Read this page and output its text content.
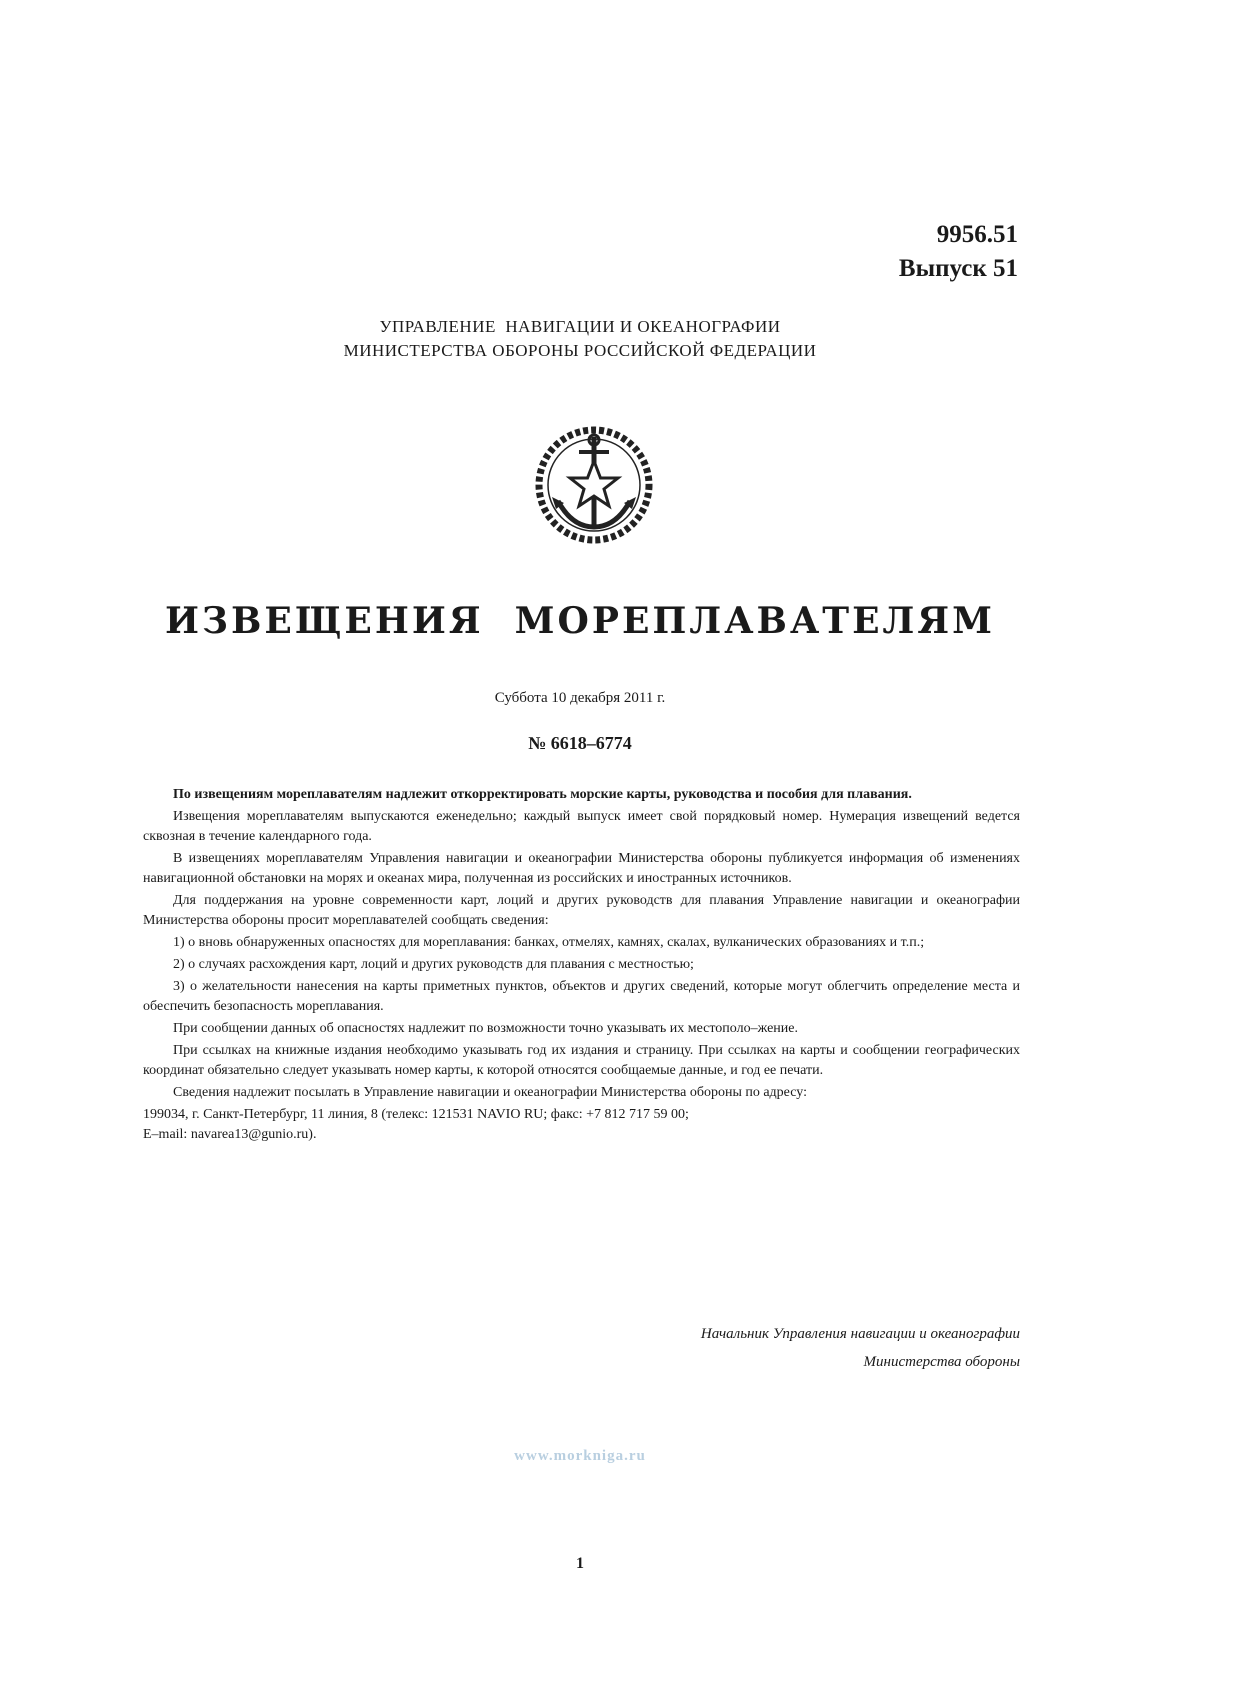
9956.51
Выпуск 51
УПРАВЛЕНИЕ  НАВИГАЦИИ И ОКЕАНОГРАФИИ
МИНИСТЕРСТВА ОБОРОНЫ РОССИЙСКОЙ ФЕДЕРАЦИИ
ИЗВЕЩЕНИЯ  МОРЕПЛАВАТЕЛЯМ
Суббота 10 декабря 2011 г.
№ 6618–6774

По извещениям мореплавателям надлежит откорректировать морские карты, руководства и пособия для плавания.

Извещения мореплавателям выпускаются еженедельно; каждый выпуск имеет свой порядковый номер. Нумерация извещений ведется сквозная в течение календарного года.

В извещениях мореплавателям Управления навигации и океанографии Министерства обороны публикуется информация об изменениях навигационной обстановки на морях и океанах мира, полученная из российских и иностранных источников.

Для поддержания на уровне современности карт, лоций и других руководств для плавания Управление навигации и океанографии Министерства обороны просит мореплавателей сообщать сведения:

1) о вновь обнаруженных опасностях для мореплавания: банках, отмелях, камнях, скалах, вулканических образованиях и т.п.;

2) о случаях расхождения карт, лоций и других руководств для плавания с местностью;

3) о желательности нанесения на карты приметных пунктов, объектов и других сведений, которые могут облегчить определение места и обеспечить безопасность мореплавания.

При сообщении данных об опасностях надлежит по возможности точно указывать их местополо–жение.

При ссылках на книжные издания необходимо указывать год их издания и страницу. При ссылках на карты и сообщении географических координат обязательно следует указывать номер карты, к которой относятся сообщаемые данные, и год ее печати.

Сведения надлежит посылать в Управление навигации и океанографии Министерства обороны по адресу:

199034, г. Санкт-Петербург, 11 линия, 8 (телекс: 121531 NAVIO RU; факс: +7 812 717 59 00;

E–mail: navarea13@gunio.ru).

Начальник Управления навигации и океанографии
Министерства обороны
www.morkniga.ru
1
